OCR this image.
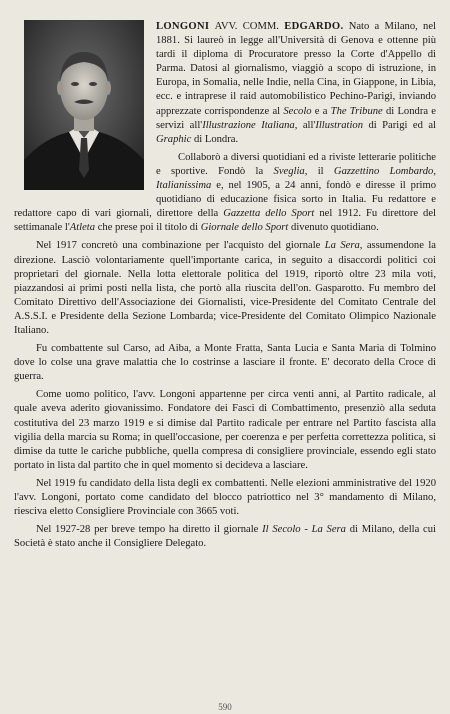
LONGONI AVV. COMM. EDGARDO. Nato a Milano, nel 1881. Si laureò in legge all'Università di Genova e ottenne più tardi il diploma di Procuratore presso la Corte d'Appello di Parma. Datosi al giornalismo, viaggiò a scopo di istruzione, in Europa, in Somalia, nelle Indie, nella Cina, in Giappone, in Libia, ecc. e intraprese il raid automobilistico Pechino-Parigi, inviando apprezzate corrispondenze al Secolo e a The Tribune di Londra e servizi all'Illustrazione Italiana, all'Illustration di Parigi ed al Graphic di Londra.

Collaborò a diversi quotidiani ed a riviste letterarie politiche e sportive. Fondò la Sveglia, il Gazzettino Lombardo, Italianissima e, nel 1905, a 24 anni, fondò e diresse il primo quotidiano di educazione fisica sorto in Italia. Fu redattore e redattore capo di vari giornali, direttore della Gazzetta dello Sport nel 1912. Fu direttore del settimanale l'Atleta che prese poi il titolo di Giornale dello Sport divenuto quotidiano.

Nel 1917 concretò una combinazione per l'acquisto del giornale La Sera, assumendone la direzione. Lasciò volontariamente quell'importante carica, in seguito a disaccordi politici coi proprietari del giornale. Nella lotta elettorale politica del 1919, riportò oltre 23 mila voti, piazzandosi ai primi posti nella lista, che portò alla riuscita dell'on. Gasparotto. Fu membro del Comitato Direttivo dell'Associazione dei Giornalisti, vice-Presidente del Comitato Centrale del A.S.S.I. e Presidente della Sezione Lombarda; vice-Presidente del Comitato Olimpico Nazionale Italiano.

Fu combattente sul Carso, ad Aiba, a Monte Fratta, Santa Lucia e Santa Maria di Tolmino dove lo colse una grave malattia che lo costrinse a lasciare il fronte. E' decorato della Croce di guerra.

Come uomo politico, l'avv. Longoni appartenne per circa venti anni, al Partito radicale, al quale aveva aderito giovanissimo. Fondatore dei Fasci di Combattimento, presenziò alla seduta costitutiva del 23 marzo 1919 e si dimise dal Partito radicale per entrare nel Partito fascista alla vigilia della marcia su Roma; in quell'occasione, per coerenza e per perfetta correttezza politica, si dimise da tutte le cariche pubbliche, quella compresa di consigliere provinciale, essendo egli stato portato in lista dal partito che in quel momento si decideva a lasciare.

Nel 1919 fu candidato della lista degli ex combattenti. Nelle elezioni amministrative del 1920 l'avv. Longoni, portato come candidato del blocco patriottico nel 3° mandamento di Milano, riesciva eletto Consigliere Provinciale con 3665 voti.

Nel 1927-28 per breve tempo ha diretto il giornale Il Secolo - La Sera di Milano, della cui Società è stato anche il Consigliere Delegato.

590
